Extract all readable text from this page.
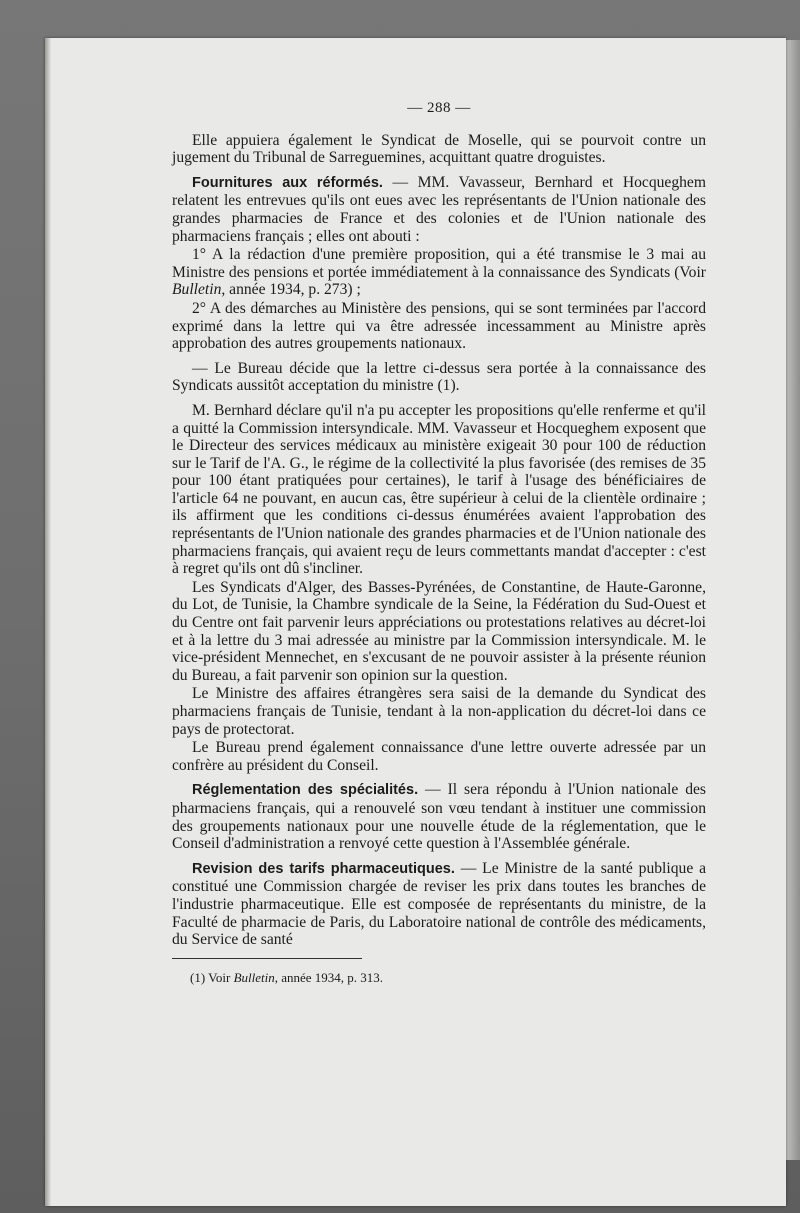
— 288 —

Elle appuiera également le Syndicat de Moselle, qui se pourvoit contre un jugement du Tribunal de Sarreguemines, acquittant quatre droguistes.

Fournitures aux réformés. — MM. Vavasseur, Bernhard et Hocqueghem relatent les entrevues qu'ils ont eues avec les représentants de l'Union nationale des grandes pharmacies de France et des colonies et de l'Union nationale des pharmaciens français ; elles ont abouti :

1° A la rédaction d'une première proposition, qui a été transmise le 3 mai au Ministre des pensions et portée immédiatement à la connaissance des Syndicats (Voir Bulletin, année 1934, p. 273) ;

2° A des démarches au Ministère des pensions, qui se sont terminées par l'accord exprimé dans la lettre qui va être adressée incessamment au Ministre après approbation des autres groupements nationaux.

— Le Bureau décide que la lettre ci-dessus sera portée à la connaissance des Syndicats aussitôt acceptation du ministre (1).

M. Bernhard déclare qu'il n'a pu accepter les propositions qu'elle renferme et qu'il a quitté la Commission intersyndicale. MM. Vavasseur et Hocqueghem exposent que le Directeur des services médicaux au ministère exigeait 30 pour 100 de réduction sur le Tarif de l'A. G., le régime de la collectivité la plus favorisée (des remises de 35 pour 100 étant pratiquées pour certaines), le tarif à l'usage des bénéficiaires de l'article 64 ne pouvant, en aucun cas, être supérieur à celui de la clientèle ordinaire ; ils affirment que les conditions ci-dessus énumérées avaient l'approbation des représentants de l'Union nationale des grandes pharmacies et de l'Union nationale des pharmaciens français, qui avaient reçu de leurs commettants mandat d'accepter : c'est à regret qu'ils ont dû s'incliner.

Les Syndicats d'Alger, des Basses-Pyrénées, de Constantine, de Haute-Garonne, du Lot, de Tunisie, la Chambre syndicale de la Seine, la Fédération du Sud-Ouest et du Centre ont fait parvenir leurs appréciations ou protestations relatives au décret-loi et à la lettre du 3 mai adressée au ministre par la Commission intersyndicale. M. le vice-président Mennechet, en s'excusant de ne pouvoir assister à la présente réunion du Bureau, a fait parvenir son opinion sur la question.

Le Ministre des affaires étrangères sera saisi de la demande du Syndicat des pharmaciens français de Tunisie, tendant à la non-application du décret-loi dans ce pays de protectorat.

Le Bureau prend également connaissance d'une lettre ouverte adressée par un confrère au président du Conseil.

Réglementation des spécialités. — Il sera répondu à l'Union nationale des pharmaciens français, qui a renouvelé son vœu tendant à instituer une commission des groupements nationaux pour une nouvelle étude de la réglementation, que le Conseil d'administration a renvoyé cette question à l'Assemblée générale.

Revision des tarifs pharmaceutiques. — Le Ministre de la santé publique a constitué une Commission chargée de reviser les prix dans toutes les branches de l'industrie pharmaceutique. Elle est composée de représentants du ministre, de la Faculté de pharmacie de Paris, du Laboratoire national de contrôle des médicaments, du Service de santé

(1) Voir Bulletin, année 1934, p. 313.
